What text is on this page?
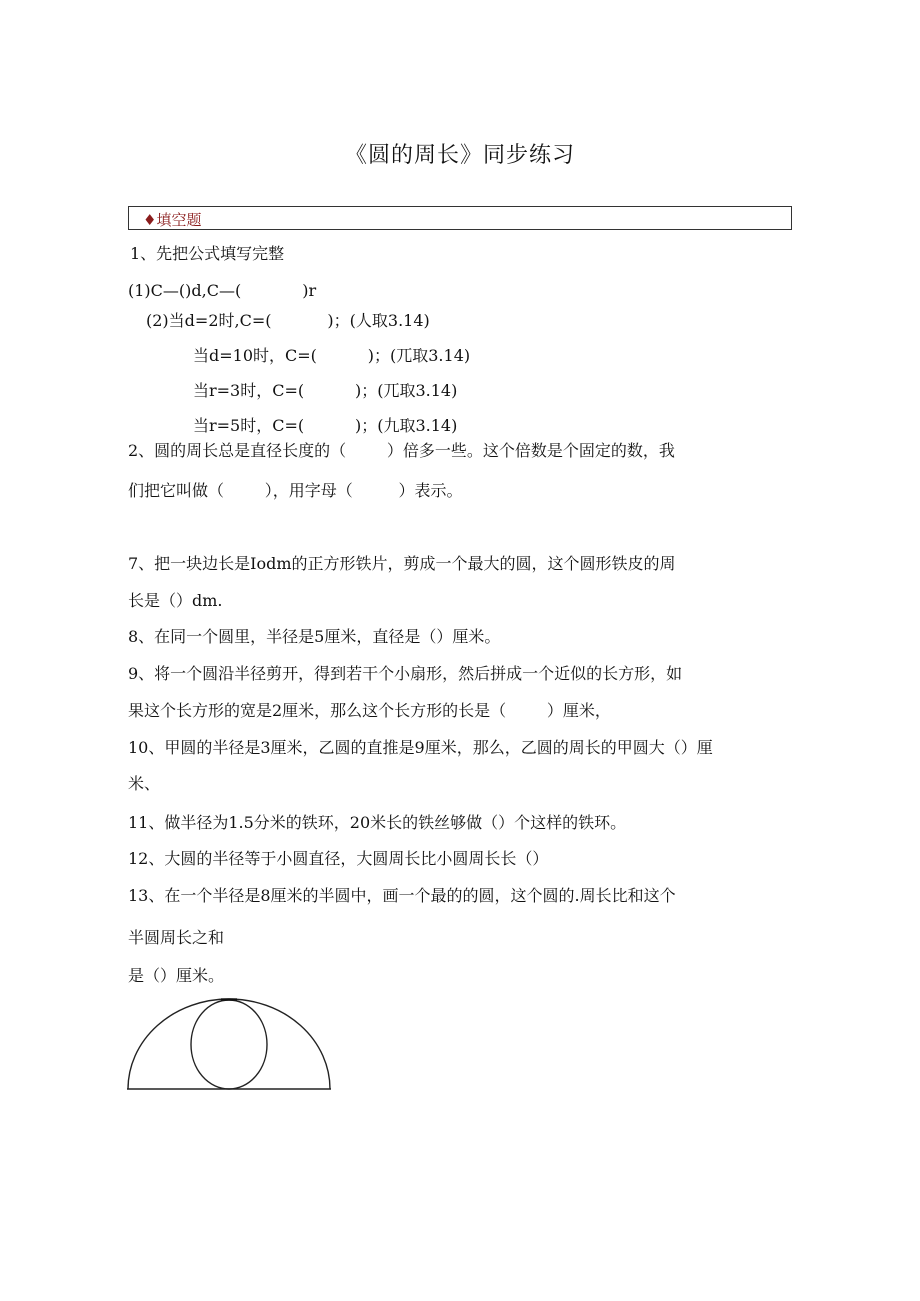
《圆的周长》同步练习
♦填空题
1、先把公式填写完整
(1)C—()d,C—(            )r
(2)当d=2时,C=(           )；(人取3.14)
当d=10时，C=(          )；(兀取3.14)
当r=3时，C=(          )；(兀取3.14)
当r=5时，C=(          )；(九取3.14)
2、圆的周长总是直径长度的（        ）倍多一些。这个倍数是个固定的数，我
们把它叫做（        ），用字母（         ）表示。
7、把一块边长是Iodm的正方形铁片，剪成一个最大的圆，这个圆形铁皮的周
长是（）dm.
8、在同一个圆里，半径是5厘米，直径是（）厘米。
9、将一个圆沿半径剪开，得到若干个小扇形，然后拼成一个近似的长方形，如
果这个长方形的宽是2厘米，那么这个长方形的长是（        ）厘米，
10、甲圆的半径是3厘米，乙圆的直推是9厘米，那么，乙圆的周长的甲圆大（）厘
米、
11、做半径为1.5分米的铁环，20米长的铁丝够做（）个这样的铁环。
12、大圆的半径等于小圆直径，大圆周长比小圆周长长（）
13、在一个半径是8厘米的半圆中，画一个最的的圆，这个圆的.周长比和这个
半圆周长之和
是（）厘米。
